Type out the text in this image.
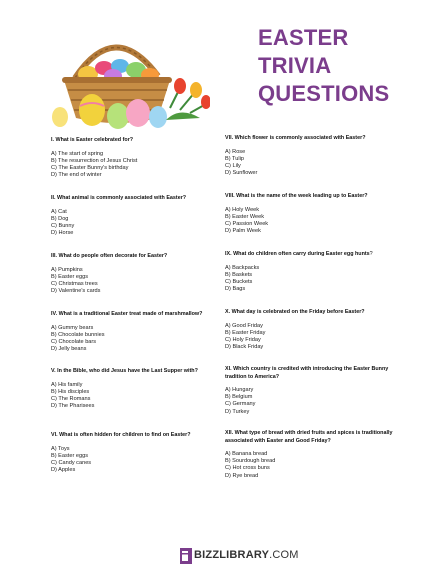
EASTER TRIVIA
QUESTIONS
I. What is Easter celebrated for?
A) The start of spring
B) The resurrection of Jesus Christ
C) The Easter Bunny's birthday
D) The end of winter
II. What animal is commonly associated with Easter?
A) Cat
B) Dog
C) Bunny
D) Horse
III. What do people often decorate for Easter?
A) Pumpkins
B) Easter eggs
C) Christmas trees
D) Valentine's cards
IV. What is a traditional Easter treat made of marshmallow?
A) Gummy bears
B) Chocolate bunnies
C) Chocolate bars
D) Jelly beans
V. In the Bible, who did Jesus have the Last Supper with?
A) His family
B) His disciples
C) The Romans
D) The Pharisees
VI. What is often hidden for children to find on Easter?
A) Toys
B) Easter eggs
C) Candy canes
D) Apples
VII. Which flower is commonly associated with Easter?
A) Rose
B) Tulip
C) Lily
D) Sunflower
VIII. What is the name of the week leading up to Easter?
A) Holy Week
B) Easter Week
C) Passion Week
D) Palm Week
IX. What do children often carry during Easter egg hunts?
A) Backpacks
B) Baskets
C) Buckets
D) Bags
X. What day is celebrated on the Friday before Easter?
A) Good Friday
B) Easter Friday
C) Holy Friday
D) Black Friday
XI. Which country is credited with introducing the Easter Bunny tradition to America?
A) Hungary
B) Belgium
C) Germany
D) Turkey
XII. What type of bread with dried fruits and spices is traditionally associated with Easter and Good Friday?
A) Banana bread
B) Sourdough bread
C) Hot cross buns
D) Rye bread
BIZZLIBRARY.COM
